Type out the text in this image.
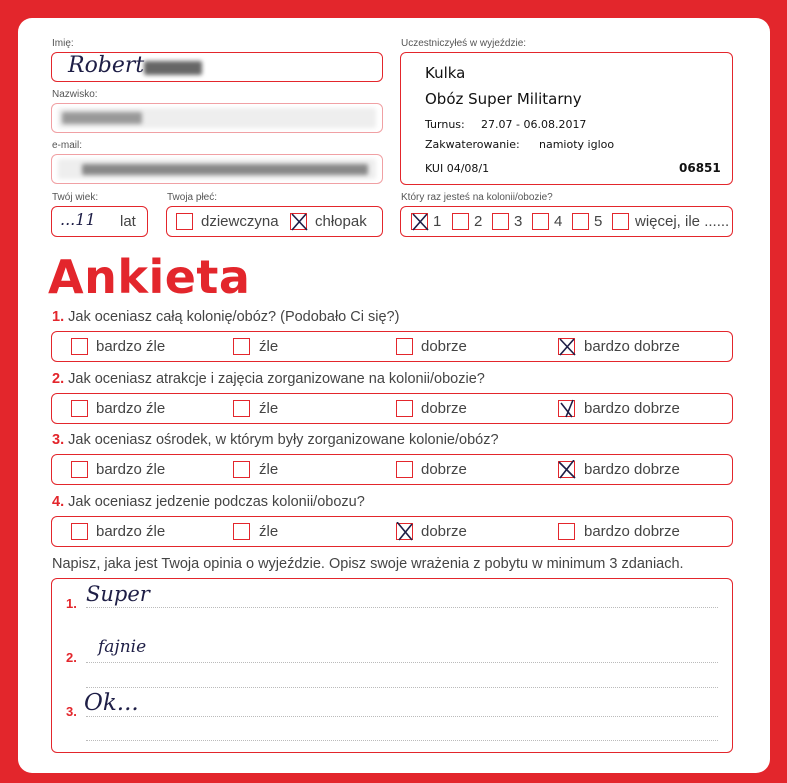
Imię:
Robert
Nazwisko:
e-mail:
Twój wiek:
...11 lat
Twoja płeć:
dziewczyna chłopak
Uczestniczyłeś w wyjeździe:
Kulka
Obóz Super Militarny
Turnus: 27.07 - 06.08.2017
Zakwaterowanie: namioty igloo
KUI 04/08/1	06851
Który raz jesteś na kolonii/obozie?
1 2 3 4 5 więcej, ile ......
Ankieta
1. Jak oceniasz całą kolonię/obóz? (Podobało Ci się?)
bardzo źle	źle	dobrze	bardzo dobrze
2. Jak oceniasz atrakcje i zajęcia zorganizowane na kolonii/obozie?
bardzo źle	źle	dobrze	bardzo dobrze
3. Jak oceniasz ośrodek, w którym były zorganizowane kolonie/obóz?
bardzo źle	źle	dobrze	bardzo dobrze
4. Jak oceniasz jedzenie podczas kolonii/obozu?
bardzo źle	źle	dobrze	bardzo dobrze
Napisz, jaka jest Twoja opinia o wyjeździe. Opisz swoje wrażenia z pobytu w minimum 3 zdaniach.
1. Super
2.
fajnie
3. Ok...
